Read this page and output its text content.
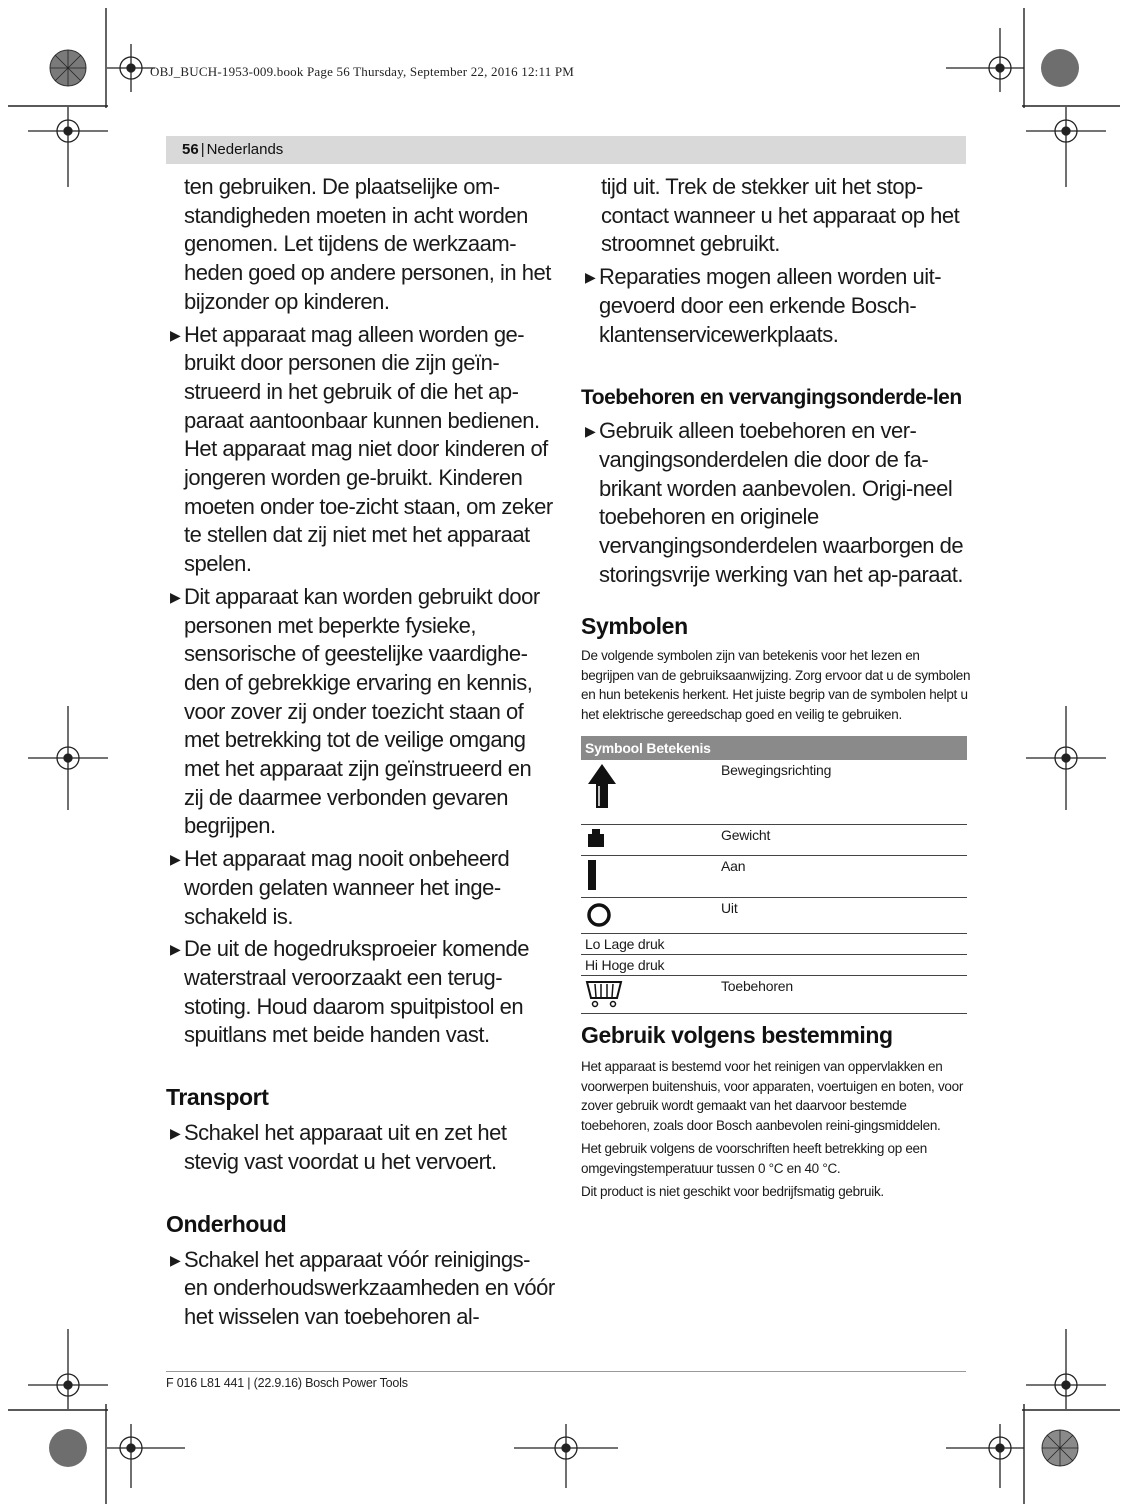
OBJ_BUCH-1953-009.book Page 56 Thursday, September 22, 2016 12:11 PM
56 | Nederlands

ten gebruiken. De plaatselijke om-standigheden moeten in acht worden genomen. Let tijdens de werkzaam-heden goed op andere personen, in het bijzonder op kinderen.

▶ Het apparaat mag alleen worden ge-bruikt door personen die zijn geïn-strueerd in het gebruik of die het ap-paraat aantoonbaar kunnen bedienen. Het apparaat mag niet door kinderen of jongeren worden ge-bruikt. Kinderen moeten onder toe-zicht staan, om zeker te stellen dat zij niet met het apparaat spelen.
▶ Dit apparaat kan worden gebruikt door personen met beperkte fysieke, sensorische of geestelijke vaardighe-den of gebrekkige ervaring en kennis, voor zover zij onder toezicht staan of met betrekking tot de veilige omgang met het apparaat zijn geïnstrueerd en zij de daarmee verbonden gevaren begrijpen.
▶ Het apparaat mag nooit onbeheerd worden gelaten wanneer het inge-schakeld is.
▶ De uit de hogedruksproeier komende waterstraal veroorzaakt een terug-stoting. Houd daarom spuitpistool en spuitlans met beide handen vast.
Transport
▶ Schakel het apparaat uit en zet het stevig vast voordat u het vervoert.
Onderhoud
▶ Schakel het apparaat vóór reinigings- en onderhoudswerkzaamheden en vóór het wisselen van toebehoren al-

tijd uit. Trek de stekker uit het stop-contact wanneer u het apparaat op het stroomnet gebruikt.

▶ Reparaties mogen alleen worden uit-gevoerd door een erkende Bosch-klantenservicewerkplaats.
Toebehoren en vervangingsonderde-len
▶ Gebruik alleen toebehoren en ver-vangingsonderdelen die door de fa-brikant worden aanbevolen. Origi-neel toebehoren en originele vervangingsonderdelen waarborgen de storingsvrije werking van het ap-paraat.
Symbolen

De volgende symbolen zijn van betekenis voor het lezen en begrijpen van de gebruiksaanwijzing. Zorg ervoor dat u de symbolen en hun betekenis herkent. Het juiste begrip van de symbolen helpt u het elektrische gereedschap goed en veilig te gebruiken.

Symbool Betekenis	
	Bewegingsrichting
	Gewicht
	Aan
	Uit
Lo Lage druk	
Hi Hoge druk	
	Toebehoren
Gebruik volgens bestemming

Het apparaat is bestemd voor het reinigen van oppervlakken en voorwerpen buitenshuis, voor apparaten, voertuigen en boten, voor zover gebruik wordt gemaakt van het daarvoor bestemde toebehoren, zoals door Bosch aanbevolen reini-gingsmiddelen.

Het gebruik volgens de voorschriften heeft betrekking op een omgevingstemperatuur tussen 0 °C en 40 °C.

Dit product is niet geschikt voor bedrijfsmatig gebruik.

F 016 L81 441 | (22.9.16) Bosch Power Tools
